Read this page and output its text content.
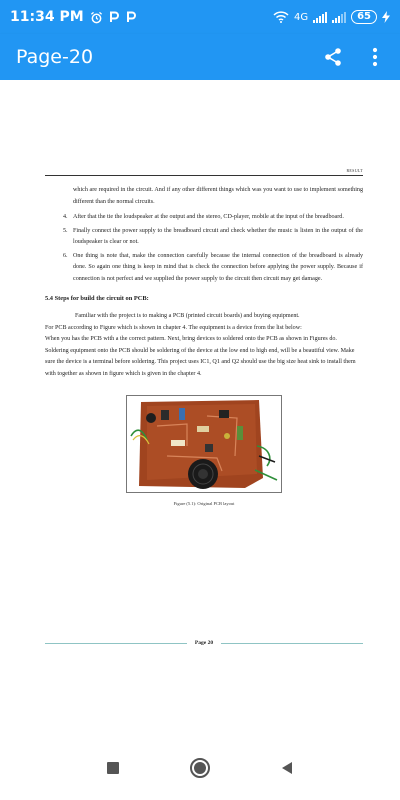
11:34 PM	4G	65
Page-20
RESULT
which are required in the circuit. And if any other different things which was you want to use to implement something different than the normal circuits.
4. After that the tie the loudspeaker at the output and the stereo, CD-player, mobile at the input of the breadboard.
5. Finally connect the power supply to the breadboard circuit and check whether the music is listen in the output of the loudspeaker is clear or not.
6. One thing is note that, make the connection carefully because the internal connection of the breadboard is already done. So again one thing is keep in mind that is check the connection before applying the power supply. Because if connection is not perfect and we supplied the power supply to the circuit then circuit may get damage.
5.4 Steps for build the circuit on PCB:
Familiar with the project is to making a PCB (printed circuit boards) and buying equipment.
For PCB according to Figure which is shown in chapter 4. The equipment is a device from the list below:
When you has the PCB with a the correct pattern. Next, bring devices to soldered onto the PCB as shown in Figures do.
Soldering equipment onto the PCB should be soldering of the device at the low end to high end, will be a beautiful view. Make sure the device is a terminal before soldering. This project uses IC1, Q1 and Q2 should use the big size heat sink to install them with together as shown in figure which is given in the chapter 4.
Figure (5.1): Original PCB layout
Page 20
